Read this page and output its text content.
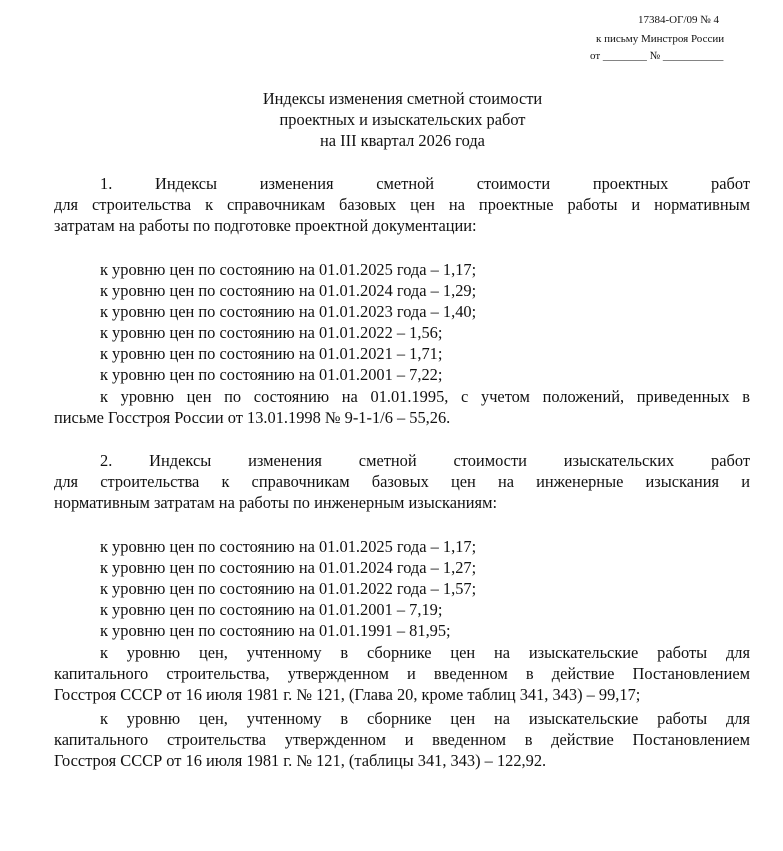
17384-ОГ/09 № 4
к письму Минстроя России
от ________ № ___________
Индексы изменения сметной стоимости
проектных и изыскательских работ
на III квартал 2026 года
1. Индексы изменения сметной стоимости проектных работ
для строительства к справочникам базовых цен на проектные работы и нормативным
затратам на работы по подготовке проектной документации:
к уровню цен по состоянию на 01.01.2025 года – 1,17;
к уровню цен по состоянию на 01.01.2024 года – 1,29;
к уровню цен по состоянию на 01.01.2023 года – 1,40;
к уровню цен по состоянию на 01.01.2022 – 1,56;
к уровню цен по состоянию на 01.01.2021 – 1,71;
к уровню цен по состоянию на 01.01.2001 – 7,22;
к уровню цен по состоянию на 01.01.1995, с учетом положений, приведенных в
письме Госстроя России от 13.01.1998 № 9-1-1/6 – 55,26.
2. Индексы изменения сметной стоимости изыскательских работ
для строительства к справочникам базовых цен на инженерные изыскания и
нормативным затратам на работы по инженерным изысканиям:
к уровню цен по состоянию на 01.01.2025 года – 1,17;
к уровню цен по состоянию на 01.01.2024 года – 1,27;
к уровню цен по состоянию на 01.01.2022 года – 1,57;
к уровню цен по состоянию на 01.01.2001 – 7,19;
к уровню цен по состоянию на 01.01.1991 – 81,95;
к уровню цен, учтенному в сборнике цен на изыскательские работы для
капитального строительства, утвержденном и введенном в действие Постановлением
Госстроя СССР от 16 июля 1981 г. № 121, (Глава 20, кроме таблиц 341, 343) – 99,17;
к уровню цен, учтенному в сборнике цен на изыскательские работы для
капитального строительства утвержденном и введенном в действие Постановлением
Госстроя СССР от 16 июля 1981 г. № 121, (таблицы 341, 343) – 122,92.
